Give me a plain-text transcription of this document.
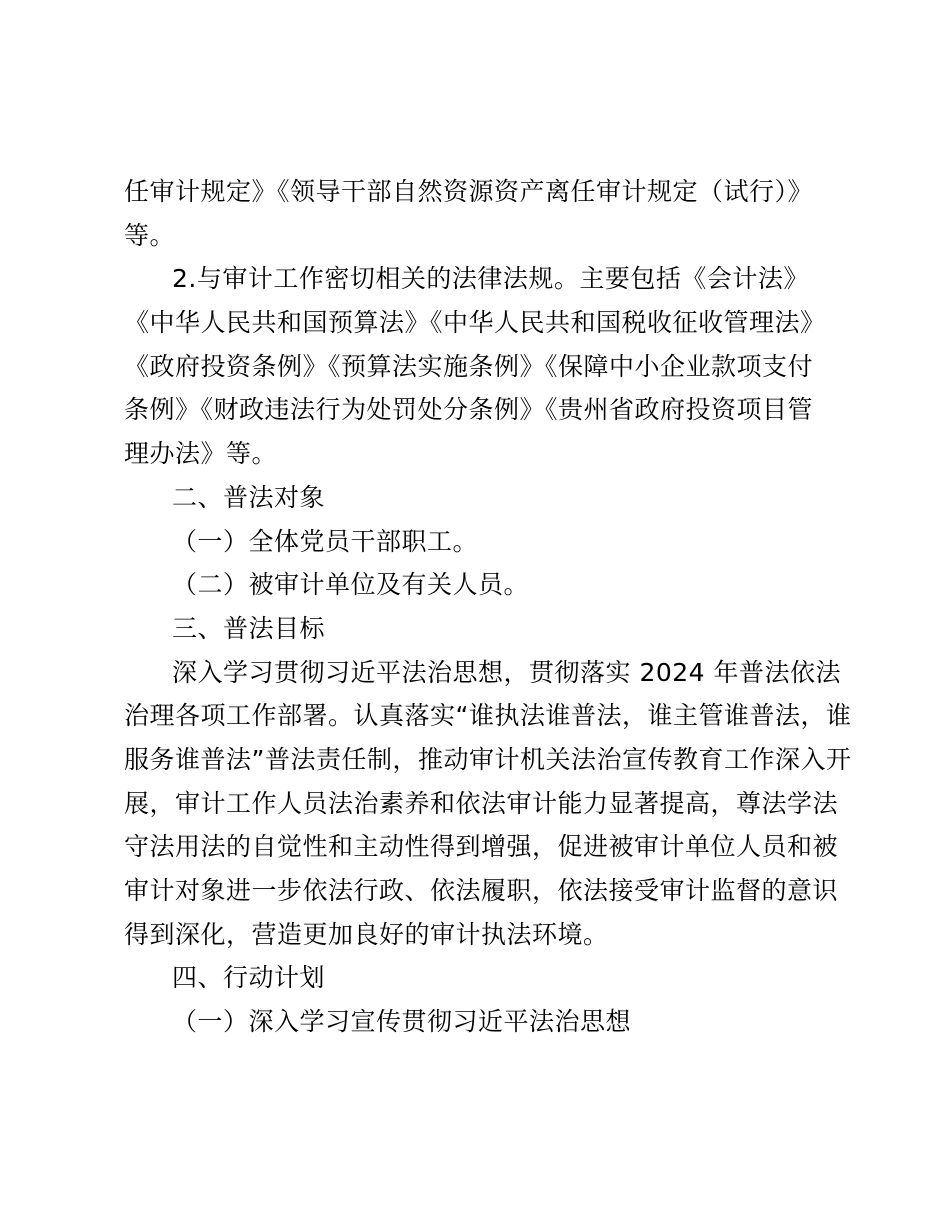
任审计规定》《领导干部自然资源资产离任审计规定（试行）》
等。
2.与审计工作密切相关的法律法规。主要包括《会计法》
《中华人民共和国预算法》《中华人民共和国税收征收管理法》
《政府投资条例》《预算法实施条例》《保障中小企业款项支付
条例》《财政违法行为处罚处分条例》《贵州省政府投资项目管
理办法》等。
二、普法对象
（一）全体党员干部职工。
（二）被审计单位及有关人员。
三、普法目标
深入学习贯彻习近平法治思想，贯彻落实 2024 年普法依法
治理各项工作部署。认真落实“谁执法谁普法，谁主管谁普法，谁
服务谁普法”普法责任制，推动审计机关法治宣传教育工作深入开
展，审计工作人员法治素养和依法审计能力显著提高，尊法学法
守法用法的自觉性和主动性得到增强，促进被审计单位人员和被
审计对象进一步依法行政、依法履职，依法接受审计监督的意识
得到深化，营造更加良好的审计执法环境。
四、行动计划
（一）深入学习宣传贯彻习近平法治思想
